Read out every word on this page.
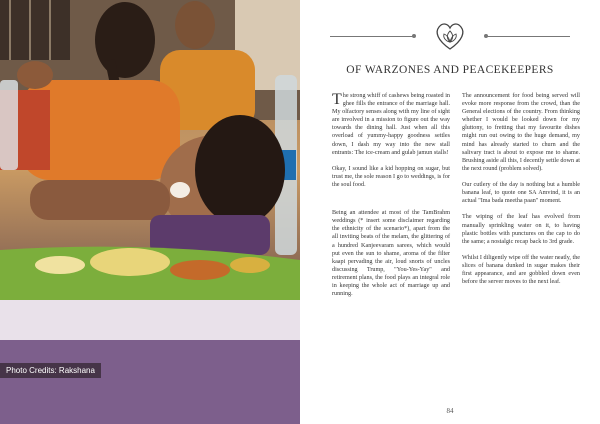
Photo Credits: Rakshana
OF WARZONES AND PEACEKEEPERS

The strong whiff of cashews being roasted in ghee fills the entrance of the marriage hall. My olfactory senses along with my line of sight are involved in a mission to figure out the way towards the dining hall. Just when all this overload of yummy-happy goodness settles down, I dash my way into the new stall entrants: The ice-cream and gulab jamun stalls!

Okay, I sound like a kid hopping on sugar, but trust me, the sole reason I go to weddings, is for the soul food.

Being an attendee at most of the TamBrahm weddings (* insert some disclaimer regarding the ethnicity of the scenario*), apart from the all inviting beats of the melam, the glittering of a hundred Kanjeevaram sarees, which would put even the sun to shame, aroma of the filter kaapi pervading the air, loud snorts of uncles discussing Trump, "You-Yes-Yay" and retirement plans, the food plays an integral role in keeping the whole act of marriage up and running.

The announcement for food being served will evoke more response from the crowd, than the General elections of the country. From thinking whether I would be looked down for my gluttony, to fretting that my favourite dishes might run out owing to the huge demand, my mind has already started to churn and the salivary tract is about to expose me to shame. Brushing aside all this, I decently settle down at the next round (problem solved).

Our cutlery of the day is nothing but a humble banana leaf, to quote one SA Amvind, it is an actual "Ima bada meetha paan" moment.

The wiping of the leaf has evolved from manually sprinkling water on it, to having plastic bottles with punctures on the cap to do the same; a nostalgic recap back to 3rd grade.

Whilst I diligently wipe off the water neatly, the slices of banana dunked in sugar makes their first appearance, and are gobbled down even before the server moves to the next leaf.

84
